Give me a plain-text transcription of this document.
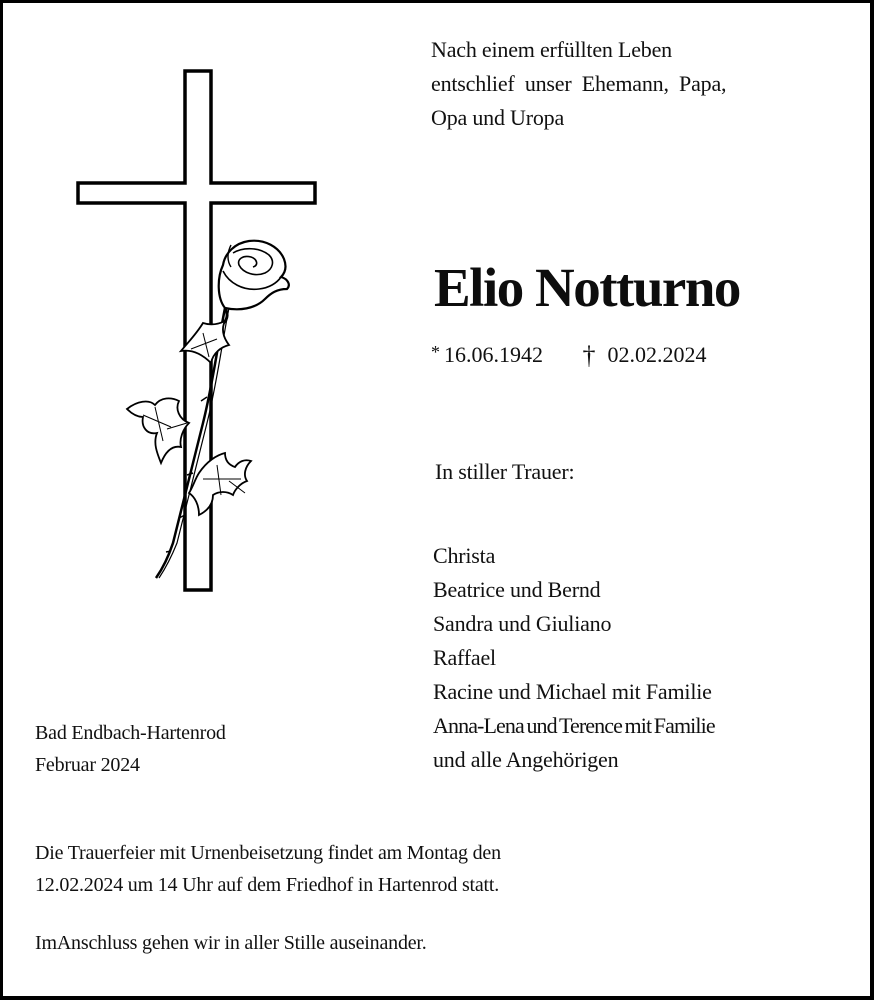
Nach einem erfüllten Leben
entschlief unser Ehemann, Papa,
Opa und Uropa
Elio Notturno
* 16.06.1942 † 02.02.2024
In stiller Trauer:
Christa
Beatrice und Bernd
Sandra und Giuliano
Raffael
Racine und Michael mit Familie
Anna-Lena und Terence mit Familie
und alle Angehörigen
Bad Endbach-Hartenrod
Februar 2024
Die Trauerfeier mit Urnenbeisetzung findet am Montag den
12.02.2024 um 14 Uhr auf dem Friedhof in Hartenrod statt.
ImAnschluss gehen wir in aller Stille auseinander.
